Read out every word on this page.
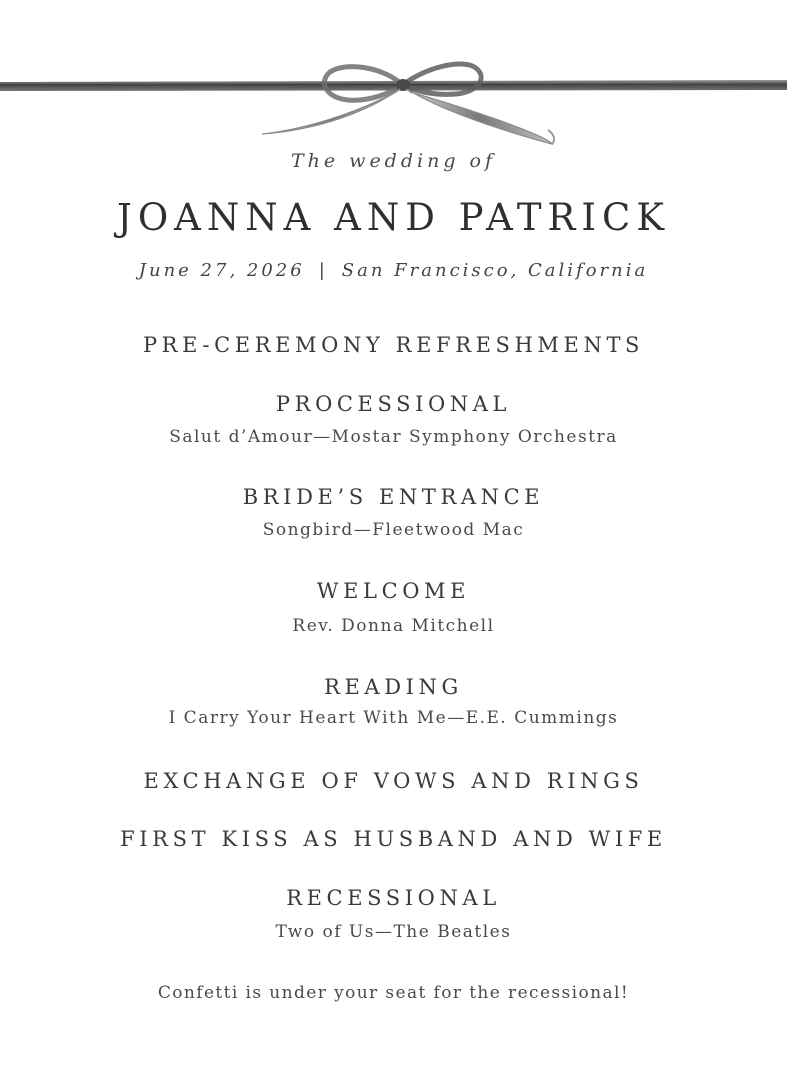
The wedding of
JOANNA AND PATRICK
June 27, 2026 | San Francisco, California
PRE-CEREMONY REFRESHMENTS
PROCESSIONAL
Salut d’Amour—Mostar Symphony Orchestra
BRIDE’S ENTRANCE
Songbird—Fleetwood Mac
WELCOME
Rev. Donna Mitchell
READING
I Carry Your Heart With Me—E.E. Cummings
EXCHANGE OF VOWS AND RINGS
FIRST KISS AS HUSBAND AND WIFE
RECESSIONAL
Two of Us—The Beatles
Confetti is under your seat for the recessional!
